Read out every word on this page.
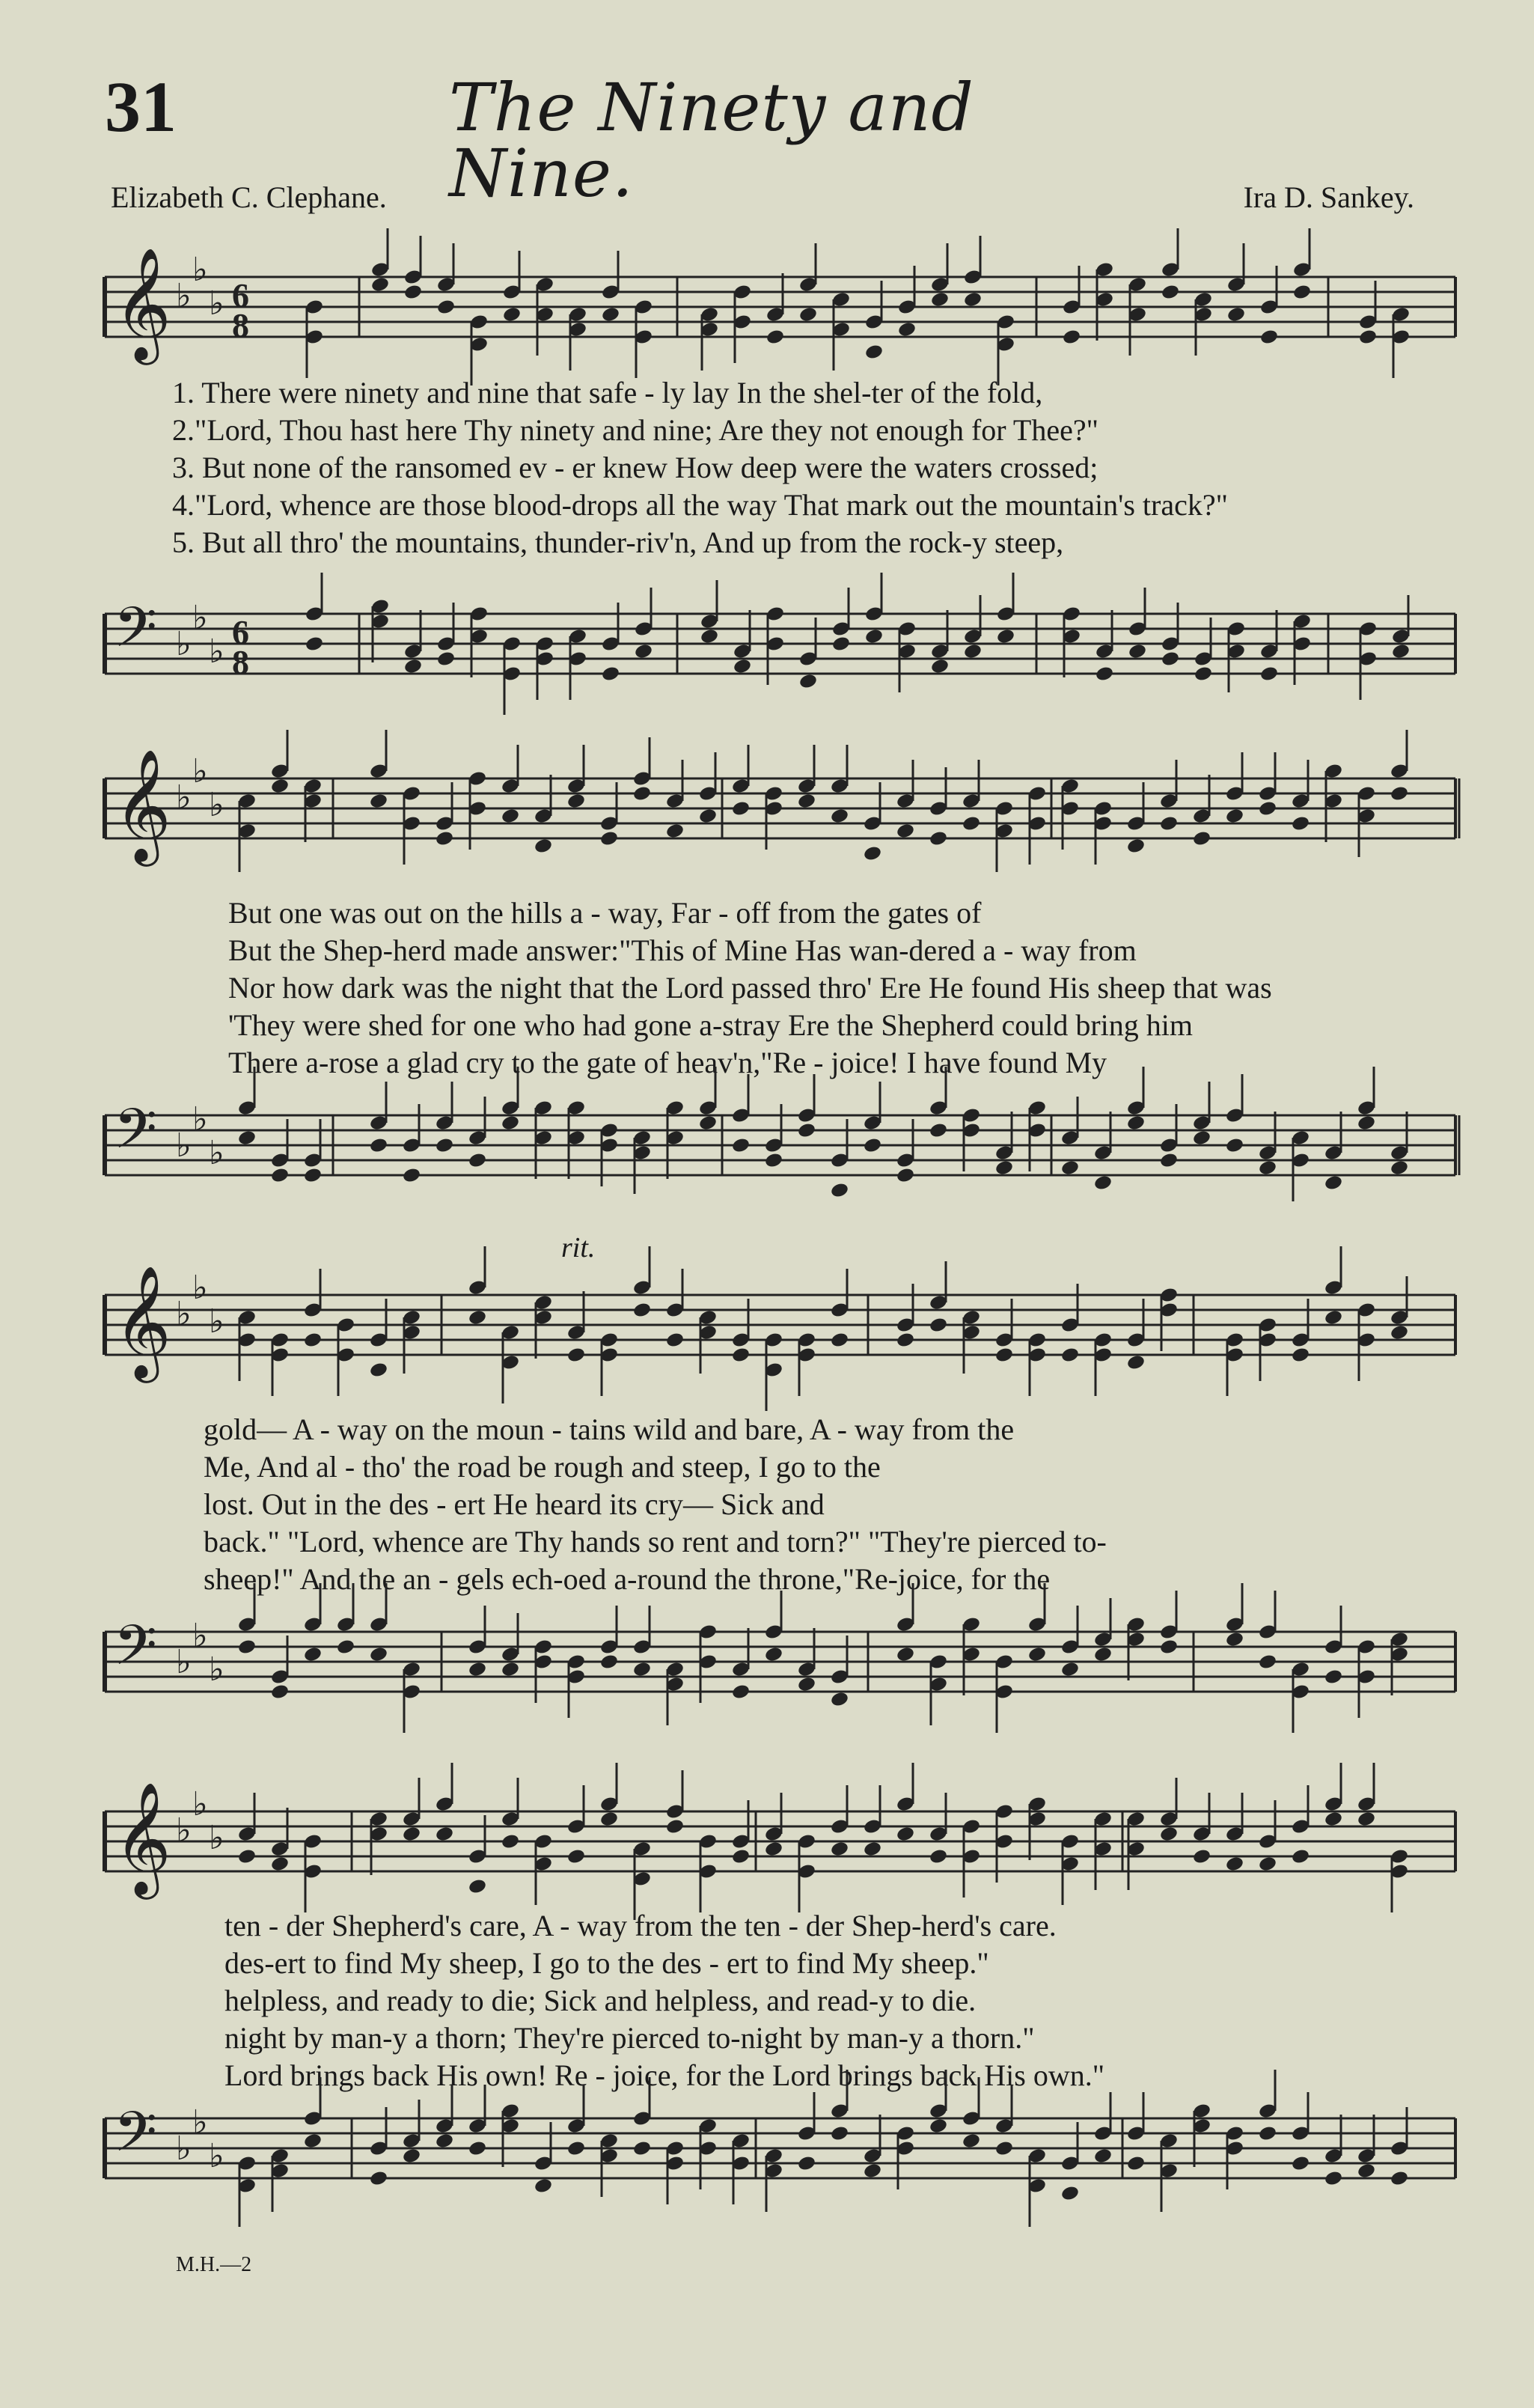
31	The Ninety and Nine.
Elizabeth C. Clephane.	Ira D. Sankey.
𝄞 ♭
♭
♭ 6
8
1. There were ninety and nine that safe - ly lay In the shel-ter of the fold,
2."Lord, Thou hast here Thy ninety and nine; Are they not enough for Thee?"
3. But none of the ransomed ev - er knew How deep were the waters crossed;
4."Lord, whence are those blood-drops all the way That mark out the mountain's track?"
5. But all thro' the mountains, thunder-riv'n, And up from the rock-y steep,
𝄢 ♭
♭
♭
6
8
𝄞 ♭
♭
♭
But one was out on the hills a - way, Far - off from the gates of
But the Shep-herd made answer:"This of Mine Has wan-dered a - way from
Nor how dark was the night that the Lord passed thro' Ere He found His sheep that was
'They were shed for one who had gone a-stray Ere the Shepherd could bring him
There a-rose a glad cry to the gate of heav'n,"Re - joice! I have found My
𝄢 ♭
♭
♭
rit.
𝄞 ♭
♭
♭
gold— A - way on the moun - tains wild and bare, A - way from the
Me, And al - tho' the road be rough and steep, I go to the
lost. Out in the des - ert He heard its cry— Sick and
back." "Lord, whence are Thy hands so rent and torn?" "They're pierced to-
sheep!" And the an - gels ech-oed a-round the throne,"Re-joice, for the
𝄢 ♭
♭
♭
𝄞 ♭
♭
♭
ten - der Shepherd's care, A - way from the ten - der Shep-herd's care.
des-ert to find My sheep, I go to the des - ert to find My sheep."
helpless, and ready to die; Sick and helpless, and read-y to die.
night by man-y a thorn; They're pierced to-night by man-y a thorn."
Lord brings back His own! Re - joice, for the Lord brings back His own."
𝄢 ♭
♭
♭
M.H.—2
